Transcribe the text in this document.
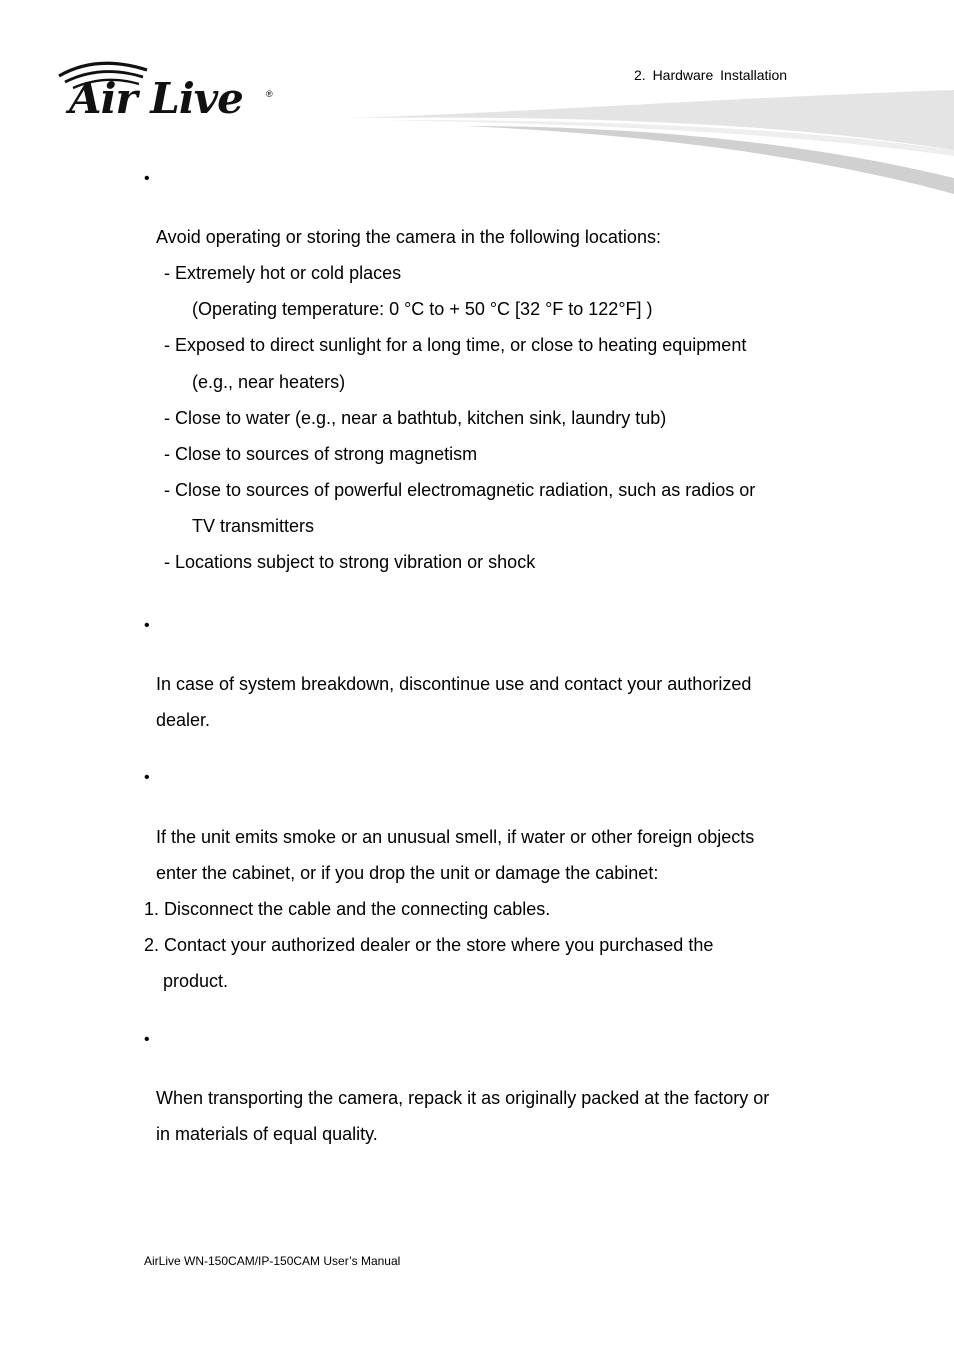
Air Live	®
2. Hardware Installation
•
Avoid operating or storing the camera in the following locations:
- Extremely hot or cold places
(Operating temperature: 0 °C to + 50 °C [32 °F to 122°F] )
- Exposed to direct sunlight for a long time, or close to heating equipment
(e.g., near heaters)
- Close to water (e.g., near a bathtub, kitchen sink, laundry tub)
- Close to sources of strong magnetism
- Close to sources of powerful electromagnetic radiation, such as radios or
TV transmitters
- Locations subject to strong vibration or shock
•
In case of system breakdown, discontinue use and contact your authorized
dealer.
•
If the unit emits smoke or an unusual smell, if water or other foreign objects
enter the cabinet, or if you drop the unit or damage the cabinet:
1. Disconnect the cable and the connecting cables.
2. Contact your authorized dealer or the store where you purchased the
product.
•
When transporting the camera, repack it as originally packed at the factory or
in materials of equal quality.
AirLive WN-150CAM/IP-150CAM User’s Manual
